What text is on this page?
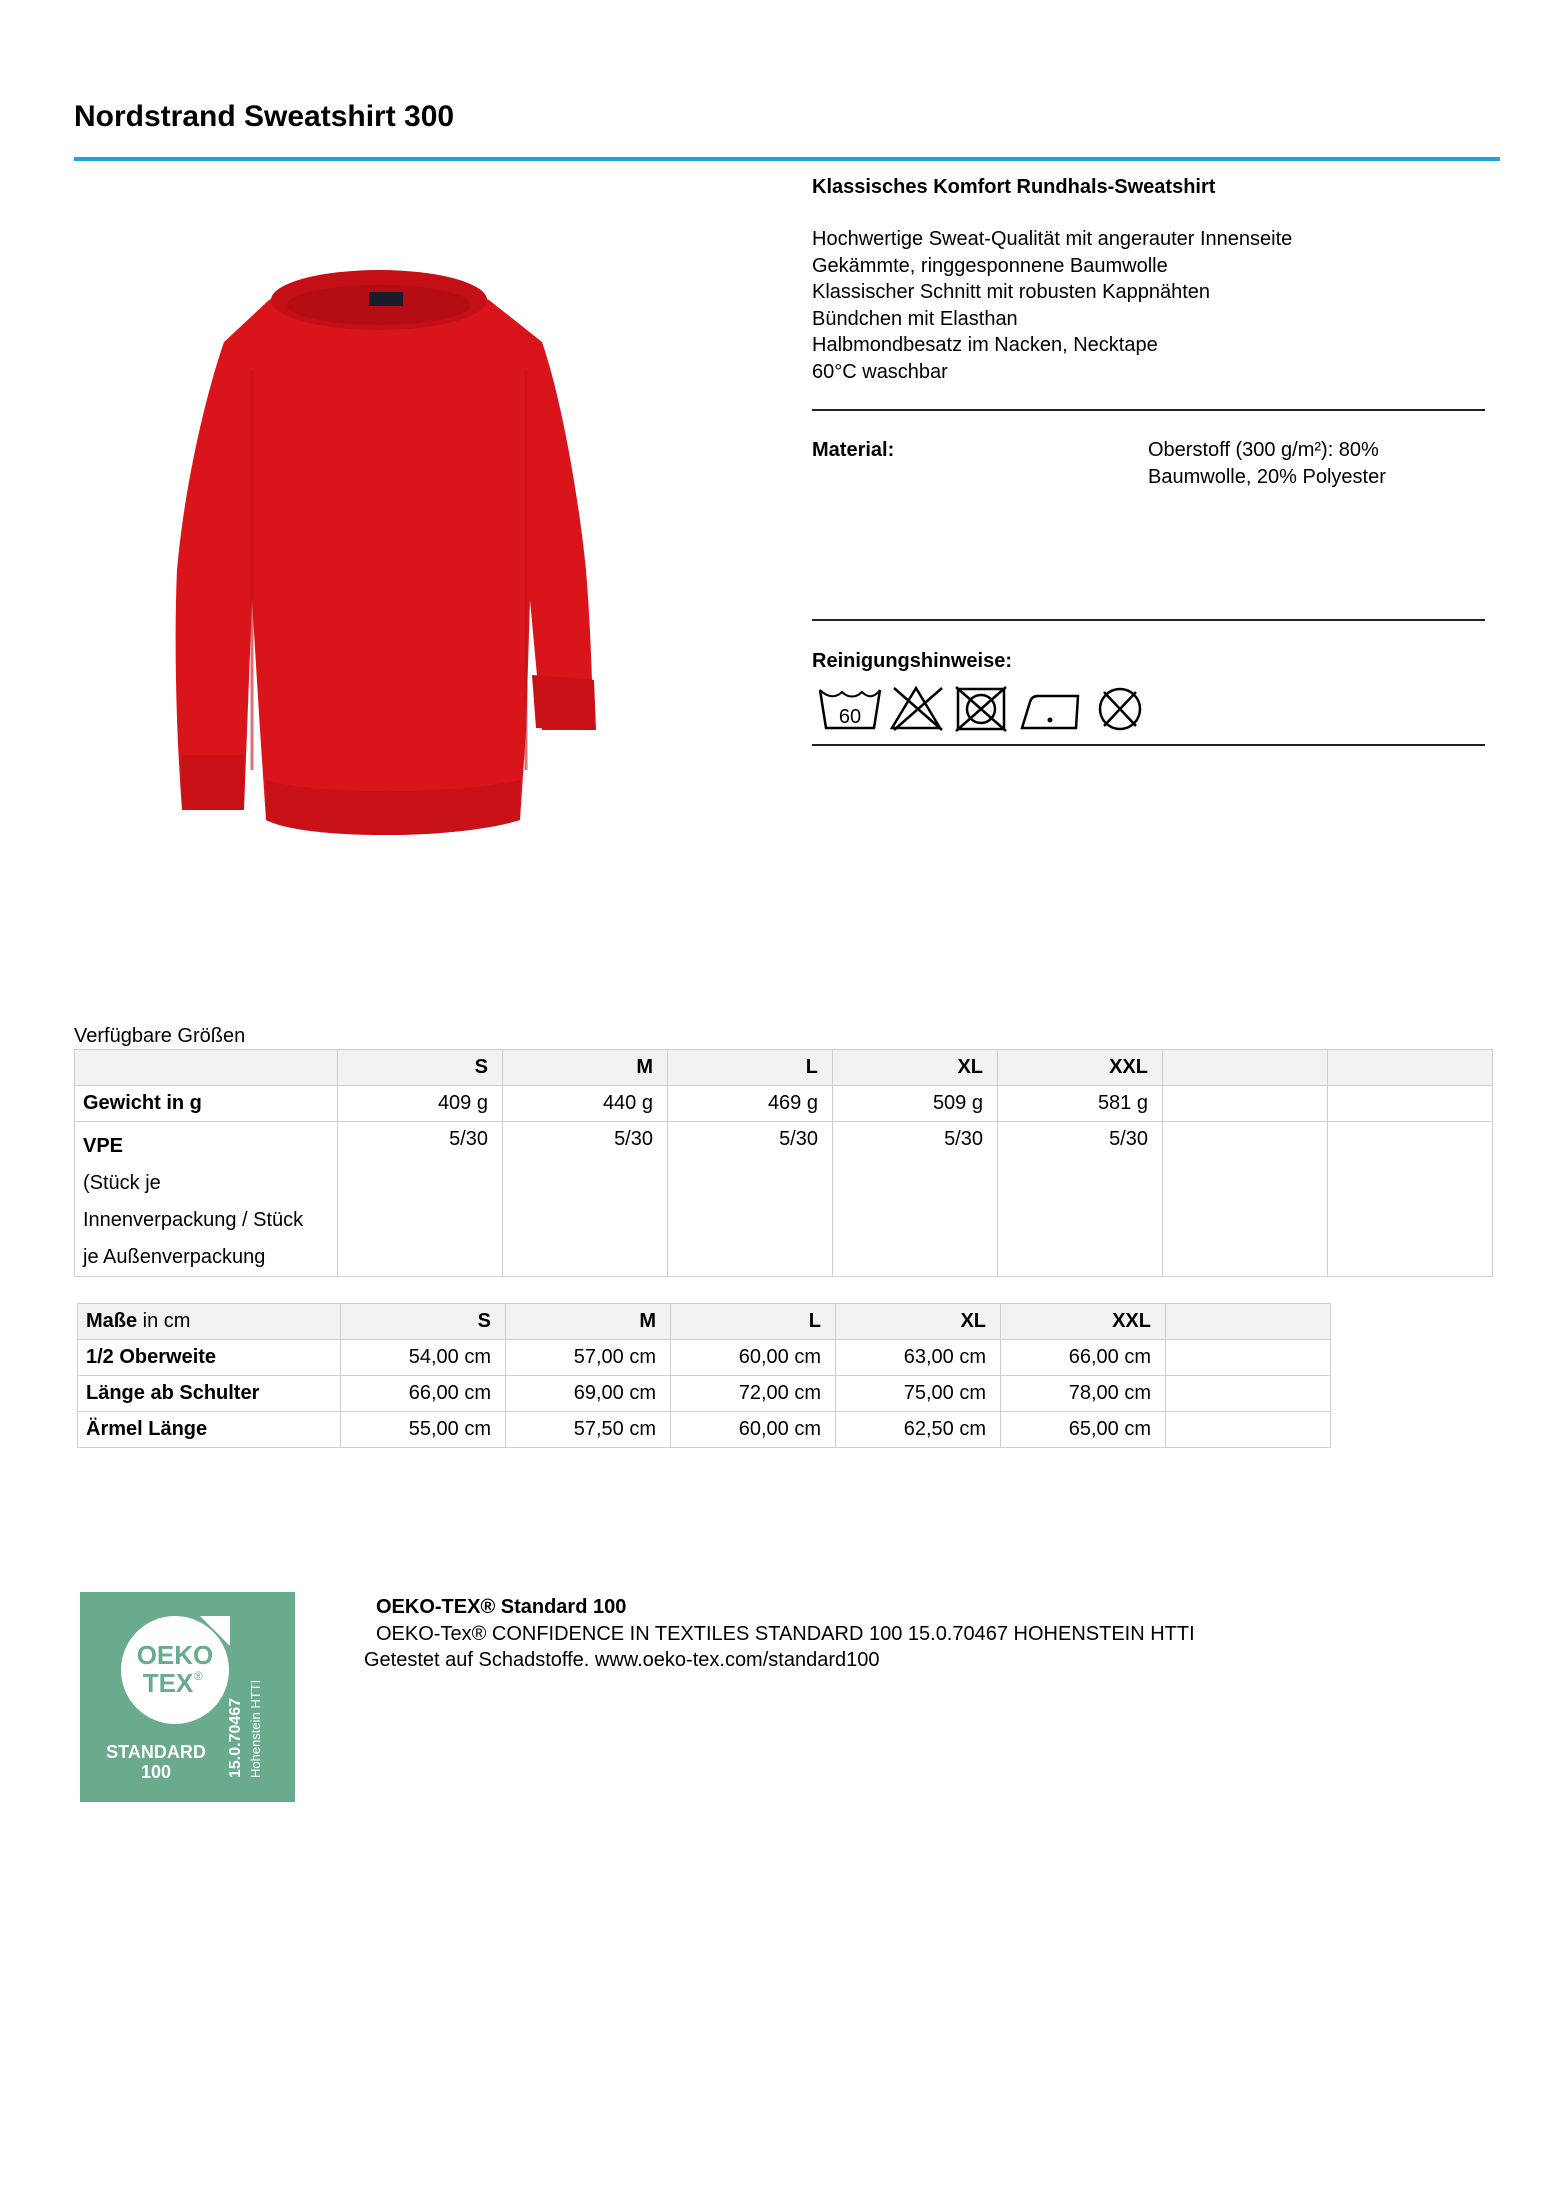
Nordstrand Sweatshirt 300
Klassisches Komfort Rundhals-Sweatshirt
Hochwertige Sweat-Qualität mit angerauter Innenseite
Gekämmte, ringgesponnene Baumwolle
Klassischer Schnitt mit robusten Kappnähten
Bündchen mit Elasthan
Halbmondbesatz im Nacken, Necktape
60°C waschbar
Material:	Oberstoff (300 g/m²): 80% Baumwolle, 20% Polyester
Reinigungshinweise:
60
Verfügbare Größen
	S	M	L	XL	XXL		
Gewicht in g	409 g	440 g	469 g	509 g	581 g		

VPE
(Stück je
Innenverpackung / Stück
je Außenverpackung	5/30	5/30	5/30	5/30	5/30		
Maße in cm	S	M	L	XL	XXL	
1/2 Oberweite	54,00 cm	57,00 cm	60,00 cm	63,00 cm	66,00 cm	
Länge ab Schulter	66,00 cm	69,00 cm	72,00 cm	75,00 cm	78,00 cm	
Ärmel Länge	55,00 cm	57,50 cm	60,00 cm	62,50 cm	65,00 cm	
OEKO
TEX ®
STANDARD
100	15.0.70467 Hohenstein HTTI
OEKO-TEX® Standard 100
OEKO-Tex® CONFIDENCE IN TEXTILES STANDARD 100 15.0.70467 HOHENSTEIN HTTI
Getestet auf Schadstoffe. www.oeko-tex.com/standard100
